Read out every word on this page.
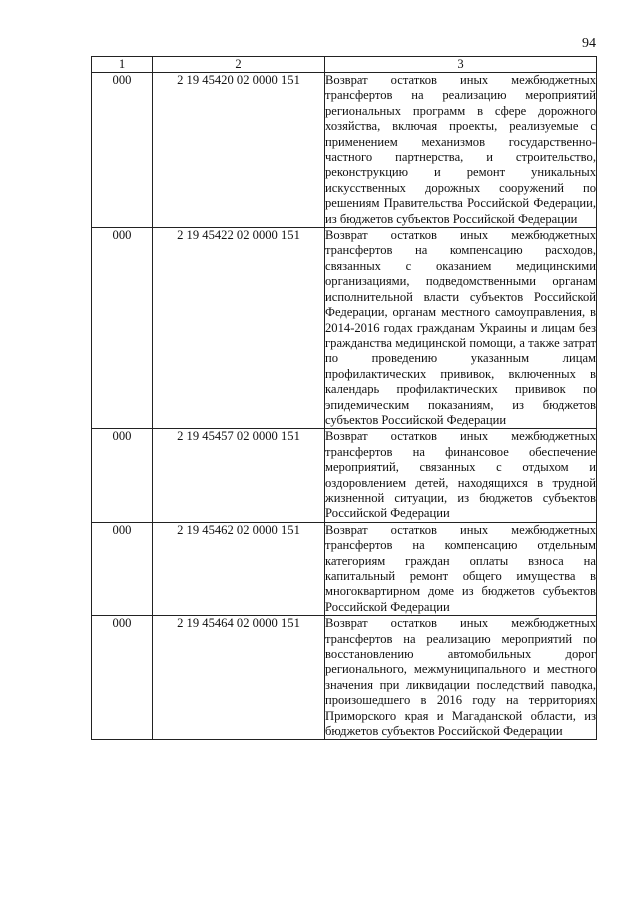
94
1	2	3
000	2 19 45420 02 0000 151	Возврат остатков иных межбюджетных трансфертов на реализацию мероприятий региональных программ в сфере дорожного хозяйства, включая проекты, реализуемые с применением механизмов государственно-частного партнерства, и строительство, реконструкцию и ремонт уникальных искусственных дорожных сооружений по решениям Правительства Российской Федерации, из бюджетов субъектов Российской Федерации
000	2 19 45422 02 0000 151	Возврат остатков иных межбюджетных трансфертов на компенсацию расходов, связанных с оказанием медицинскими организациями, подведомственными органам исполнительной власти субъектов Российской Федерации, органам местного самоуправления, в 2014-2016 годах гражданам Украины и лицам без гражданства медицинской помощи, а также затрат по проведению указанным лицам профилактических прививок, включенных в календарь профилактических прививок по эпидемическим показаниям, из бюджетов субъектов Российской Федерации
000	2 19 45457 02 0000 151	Возврат остатков иных межбюджетных трансфертов на финансовое обеспечение мероприятий, связанных с отдыхом и оздоровлением детей, находящихся в трудной жизненной ситуации, из бюджетов субъектов Российской Федерации
000	2 19 45462 02 0000 151	Возврат остатков иных межбюджетных трансфертов на компенсацию отдельным категориям граждан оплаты взноса на капитальный ремонт общего имущества в многоквартирном доме из бюджетов субъектов Российской Федерации
000	2 19 45464 02 0000 151	Возврат остатков иных межбюджетных трансфертов на реализацию мероприятий по восстановлению автомобильных дорог регионального, межмуниципального и местного значения при ликвидации последствий паводка, произошедшего в 2016 году на территориях Приморского края и Магаданской области, из бюджетов субъектов Российской Федерации
